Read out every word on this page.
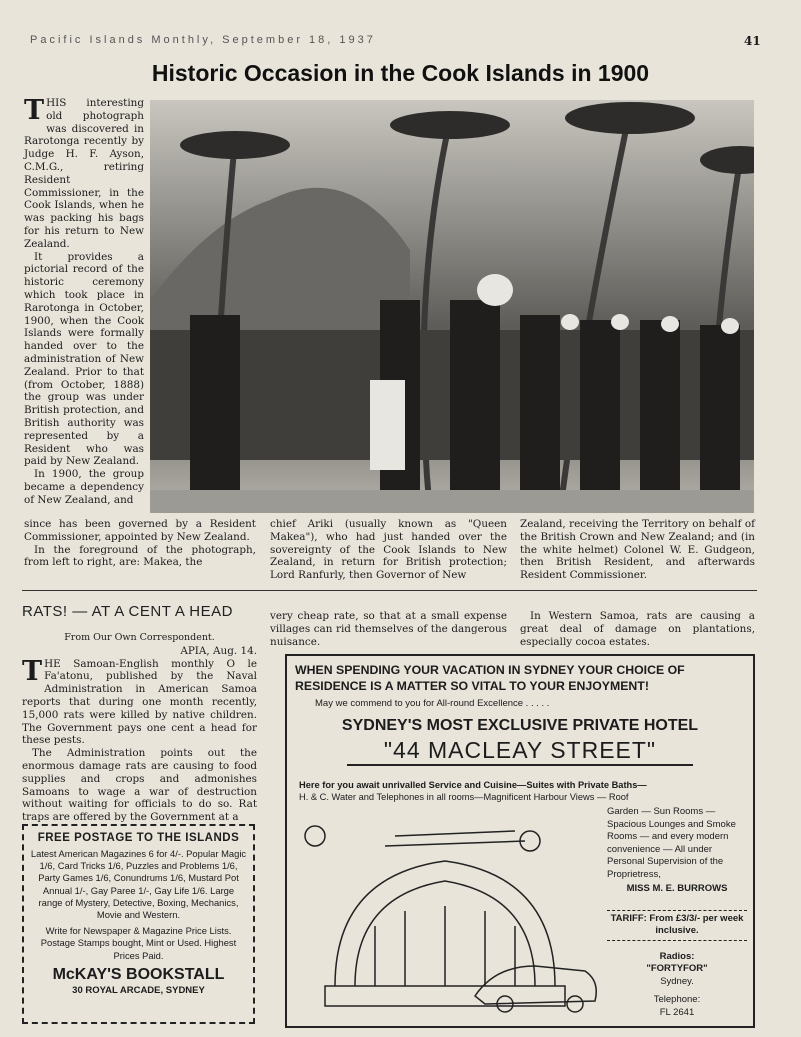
Pacific Islands Monthly, September 18, 1937	41
Historic Occasion in the Cook Islands in 1900

THIS interesting old photograph was discovered in Rarotonga recently by Judge H. F. Ayson, C.M.G., retiring Resident Commissioner, in the Cook Islands, when he was packing his bags for his return to New Zealand.

It provides a pictorial record of the historic ceremony which took place in Rarotonga in October, 1900, when the Cook Islands were formally handed over to the administration of New Zealand. Prior to that (from October, 1888) the group was under British protection, and British authority was represented by a Resident who was paid by New Zealand.

In 1900, the group became a dependency of New Zealand, and

since has been governed by a Resident Commissioner, appointed by New Zealand.

In the foreground of the photograph, from left to right, are: Makea, the

chief Ariki (usually known as "Queen Makea"), who had just handed over the sovereignty of the Cook Islands to New Zealand, in return for British protection; Lord Ranfurly, then Governor of New

Zealand, receiving the Territory on behalf of the British Crown and New Zealand; and (in the white helmet) Colonel W. E. Gudgeon, then British Resident, and afterwards Resident Commissioner.

RATS! — AT A CENT A HEAD

From Our Own Correspondent.

APIA, Aug. 14.

THE Samoan-English monthly O le Fa'atonu, published by the Naval Administration in American Samoa reports that during one month recently, 15,000 rats were killed by native children. The Government pays one cent a head for these pests.

The Administration points out the enormous damage rats are causing to food supplies and crops and admonishes Samoans to wage a war of destruction without waiting for officials to do so. Rat traps are offered by the Government at a

very cheap rate, so that at a small expense villages can rid themselves of the dangerous nuisance.

In Western Samoa, rats are causing a great deal of damage on plantations, especially cocoa estates.

FREE POSTAGE TO THE ISLANDS
Latest American Magazines 6 for 4/-. Popular Magic 1/6, Card Tricks 1/6, Puzzles and Problems 1/6, Party Games 1/6, Conundrums 1/6, Mustard Pot Annual 1/-, Gay Paree 1/-, Gay Life 1/6. Large range of Mystery, Detective, Boxing, Mechanics, Movie and Western.
Write for Newspaper & Magazine Price Lists. Postage Stamps bought, Mint or Used. Highest Prices Paid.
McKAY'S BOOKSTALL
30 ROYAL ARCADE, SYDNEY
WHEN SPENDING YOUR VACATION IN SYDNEY YOUR CHOICE OF RESIDENCE IS A MATTER SO VITAL TO YOUR ENJOYMENT!
May we commend to you for All-round Excellence . . . . .
SYDNEY'S MOST EXCLUSIVE PRIVATE HOTEL
"44 MACLEAY STREET"
Here for you await unrivalled Service and Cuisine—Suites with Private Baths—
H. & C. Water and Telephones in all rooms—Magnificent Harbour Views — Roof
Garden — Sun Rooms — Spacious Lounges and Smoke Rooms — and every modern convenience — All under Personal Supervision of the Proprietress,
MISS M. E. BURROWS
TARIFF: From £3/3/- per week inclusive.
Radios:
"FORTYFOR"
Sydney.
Telephone:
FL 2641
